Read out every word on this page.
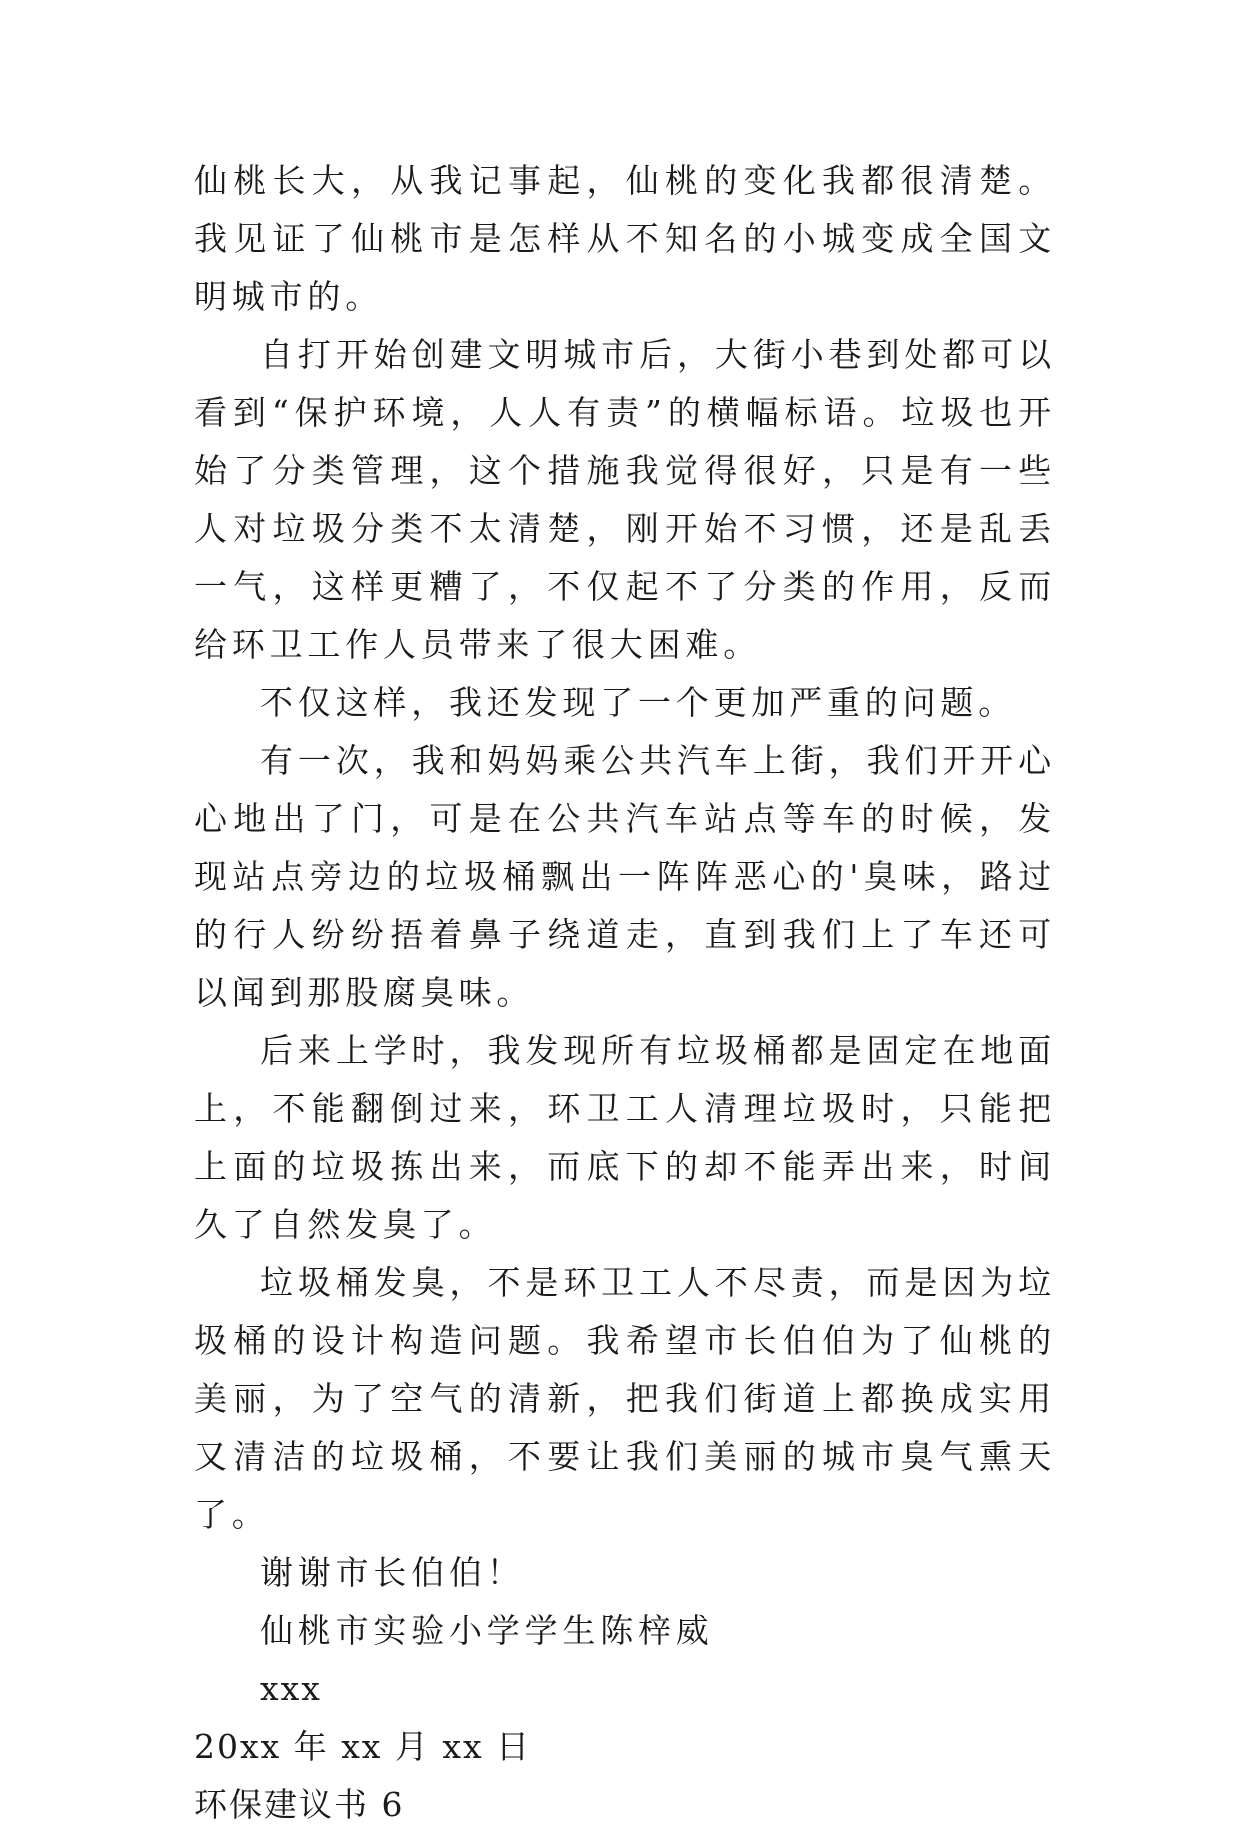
仙桃长大，从我记事起，仙桃的变化我都很清楚。我见证了仙桃市是怎样从不知名的小城变成全国文明城市的。

自打开始创建文明城市后，大街小巷到处都可以看到“保护环境，人人有责”的横幅标语。垃圾也开始了分类管理，这个措施我觉得很好，只是有一些人对垃圾分类不太清楚，刚开始不习惯，还是乱丢一气，这样更糟了，不仅起不了分类的作用，反而给环卫工作人员带来了很大困难。

不仅这样，我还发现了一个更加严重的问题。

有一次，我和妈妈乘公共汽车上街，我们开开心心地出了门，可是在公共汽车站点等车的时候，发现站点旁边的垃圾桶飘出一阵阵恶心的'臭味，路过的行人纷纷捂着鼻子绕道走，直到我们上了车还可以闻到那股腐臭味。

后来上学时，我发现所有垃圾桶都是固定在地面上，不能翻倒过来，环卫工人清理垃圾时，只能把上面的垃圾拣出来，而底下的却不能弄出来，时间久了自然发臭了。

垃圾桶发臭，不是环卫工人不尽责，而是因为垃圾桶的设计构造问题。我希望市长伯伯为了仙桃的美丽，为了空气的清新，把我们街道上都换成实用又清洁的垃圾桶，不要让我们美丽的城市臭气熏天了。

谢谢市长伯伯！

仙桃市实验小学学生陈梓威

xxx

20xx 年 xx 月 xx 日

环保建议书 6
